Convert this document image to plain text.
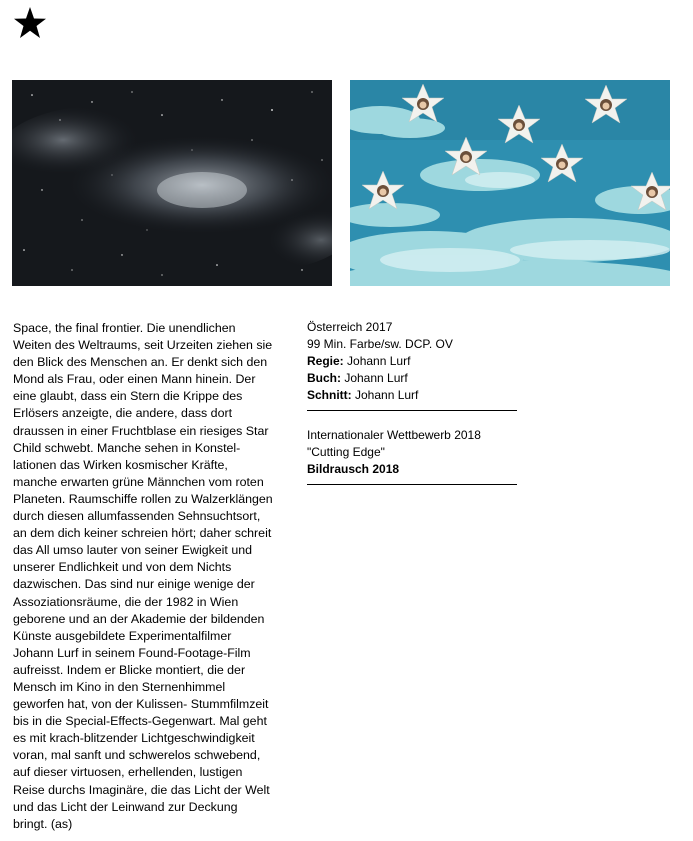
Space, the final frontier. Die unendlichen
Weiten des Weltraums, seit Urzeiten ziehen sie
den Blick des Menschen an. Er denkt sich den
Mond als Frau, oder einen Mann hinein. Der
eine glaubt, dass ein Stern die Krippe des
Erlösers anzeigte, die andere, dass dort
draussen in einer Fruchtblase ein riesiges Star
Child schwebt. Manche sehen in Konstel-
lationen das Wirken kosmischer Kräfte,
manche erwarten grüne Männchen vom roten
Planeten. Raumschiffe rollen zu Walzerklängen
durch diesen allumfassenden Sehnsuchtsort,
an dem dich keiner schreien hört; daher schreit
das All umso lauter von seiner Ewigkeit und
unserer Endlichkeit und von dem Nichts
dazwischen. Das sind nur einige wenige der
Assoziationsräume, die der 1982 in Wien
geborene und an der Akademie der bildenden
Künste ausgebildete Experimentalfilmer
Johann Lurf in seinem Found-Footage-Film
aufreisst. Indem er Blicke montiert, die der
Mensch im Kino in den Sternenhimmel
geworfen hat, von der Kulissen- Stummfilmzeit
bis in die Special-Effects-Gegenwart. Mal geht
es mit krach-blitzender Lichtgeschwindigkeit
voran, mal sanft und schwerelos schwebend,
auf dieser virtuosen, erhellenden, lustigen
Reise durchs Imaginäre, die das Licht der Welt
und das Licht der Leinwand zur Deckung
bringt. (as)
Österreich 2017
99 Min. Farbe/sw. DCP. OV
Regie: Johann Lurf
Buch: Johann Lurf
Schnitt: Johann Lurf
Internationaler Wettbewerb 2018
"Cutting Edge"
Bildrausch 2018
